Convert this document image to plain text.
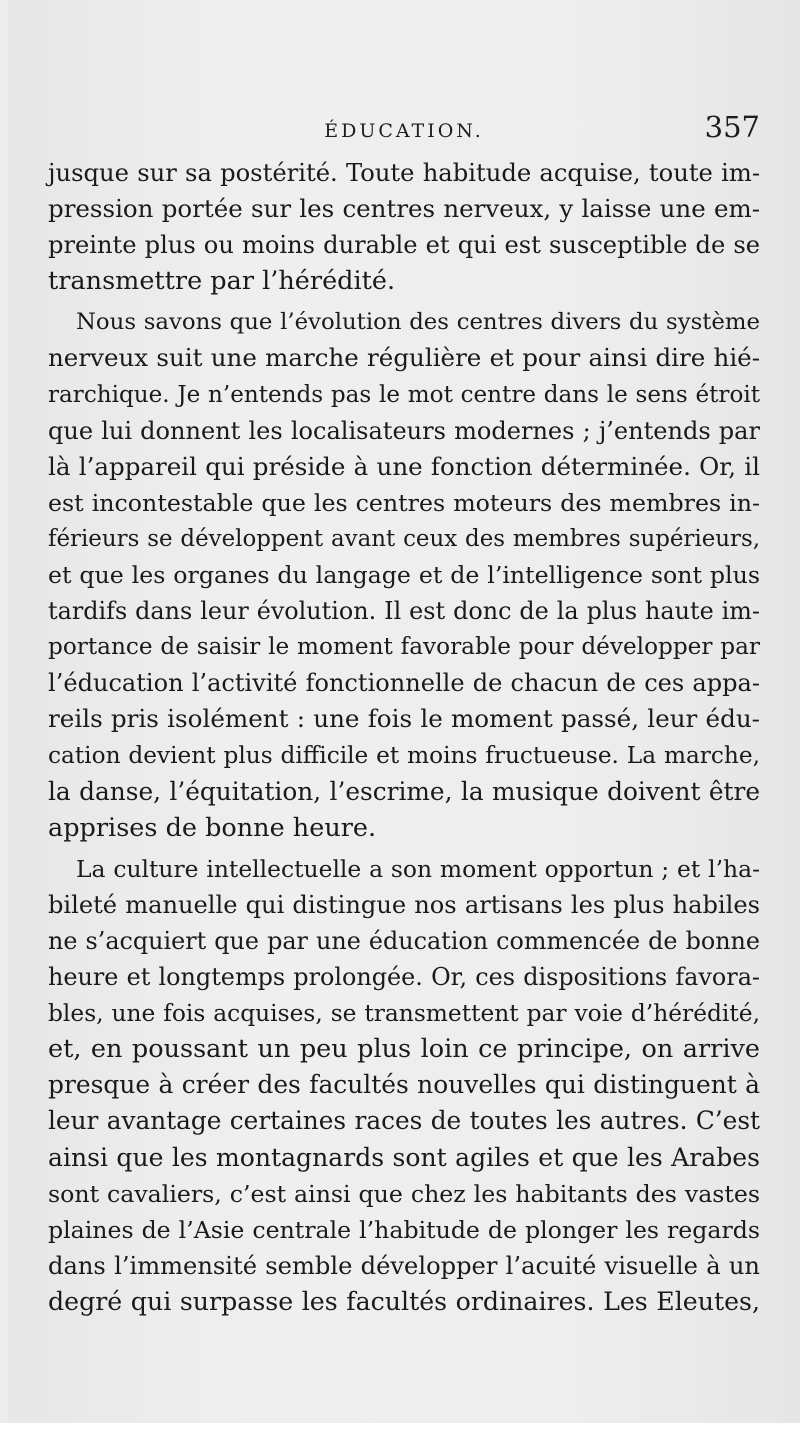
ÉDUCATION.	357
jusque sur sa postérité. Toute habitude acquise, toute im-
pression portée sur les centres nerveux, y laisse une em-
preinte plus ou moins durable et qui est susceptible de se
transmettre par l’hérédité.
Nous savons que l’évolution des centres divers du système
nerveux suit une marche régulière et pour ainsi dire hié-
rarchique. Je n’entends pas le mot centre dans le sens étroit
que lui donnent les localisateurs modernes ; j’entends par
là l’appareil qui préside à une fonction déterminée. Or, il
est incontestable que les centres moteurs des membres in-
férieurs se développent avant ceux des membres supérieurs,
et que les organes du langage et de l’intelligence sont plus
tardifs dans leur évolution. Il est donc de la plus haute im-
portance de saisir le moment favorable pour développer par
l’éducation l’activité fonctionnelle de chacun de ces appa-
reils pris isolément : une fois le moment passé, leur édu-
cation devient plus difficile et moins fructueuse. La marche,
la danse, l’équitation, l’escrime, la musique doivent être
apprises de bonne heure.
La culture intellectuelle a son moment opportun ; et l’ha-
bileté manuelle qui distingue nos artisans les plus habiles
ne s’acquiert que par une éducation commencée de bonne
heure et longtemps prolongée. Or, ces dispositions favora-
bles, une fois acquises, se transmettent par voie d’hérédité,
et, en poussant un peu plus loin ce principe, on arrive
presque à créer des facultés nouvelles qui distinguent à
leur avantage certaines races de toutes les autres. C’est
ainsi que les montagnards sont agiles et que les Arabes
sont cavaliers, c’est ainsi que chez les habitants des vastes
plaines de l’Asie centrale l’habitude de plonger les regards
dans l’immensité semble développer l’acuité visuelle à un
degré qui surpasse les facultés ordinaires. Les Eleutes,
